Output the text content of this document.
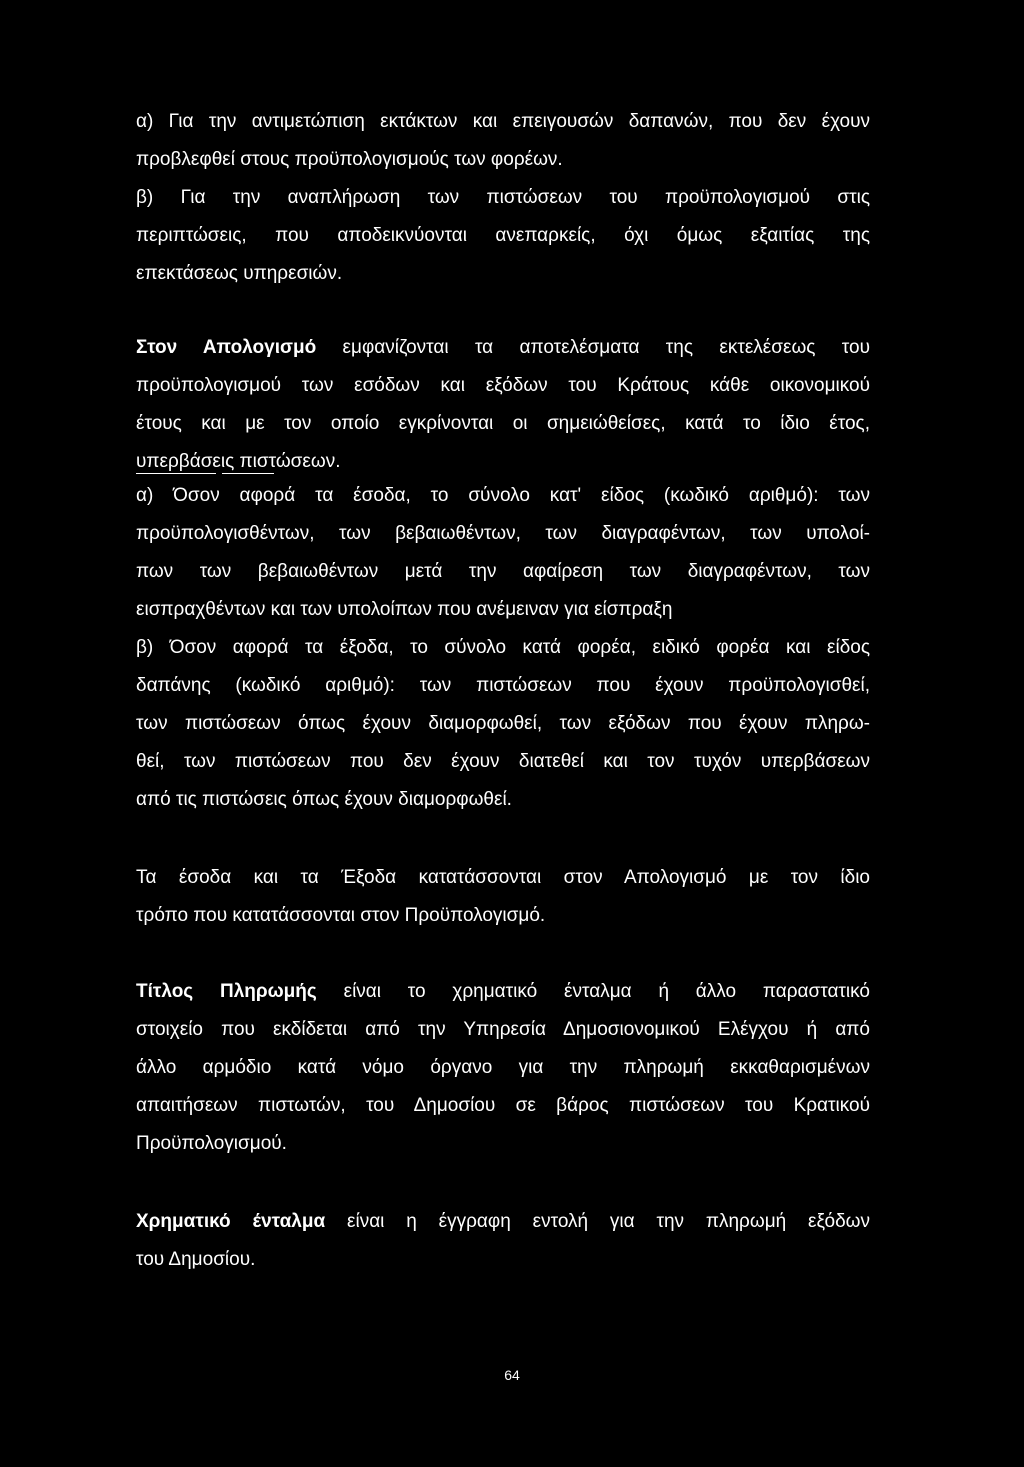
α) Για την αντιμετώπιση εκτάκτων και επειγουσών δαπανών, που δεν έχουν
προβλεφθεί στους προϋπολογισμούς των φορέων.
β) Για την αναπλήρωση των πιστώσεων του προϋπολογισμού στις
περιπτώσεις, που αποδεικνύονται ανεπαρκείς, όχι όμως εξαιτίας της
επεκτάσεως υπηρεσιών.
Στον Απολογισμό εμφανίζονται τα αποτελέσματα της εκτελέσεως του
προϋπολογισμού των εσόδων και εξόδων του Κράτους κάθε οικονομικού
έτους και με τον οποίο εγκρίνονται οι σημειώθείσες, κατά το ίδιο έτος,
υπερβάσεις πιστώσεων.
α) Όσον αφορά τα έσοδα, το σύνολο κατ' είδος (κωδικό αριθμό): των
προϋπολογισθέντων, των βεβαιωθέντων, των διαγραφέντων, των υπολοί-
πων των βεβαιωθέντων μετά την αφαίρεση των διαγραφέντων, των
εισπραχθέντων και των υπολοίπων που ανέμειναν για είσπραξη
β) Όσον αφορά τα έξοδα, το σύνολο κατά φορέα, ειδικό φορέα και είδος
δαπάνης (κωδικό αριθμό): των πιστώσεων που έχουν προϋπολογισθεί,
των πιστώσεων όπως έχουν διαμορφωθεί, των εξόδων που έχουν πληρω-
θεί, των πιστώσεων που δεν έχουν διατεθεί και τον τυχόν υπερβάσεων
από τις πιστώσεις όπως έχουν διαμορφωθεί.
Τα έσοδα και τα Έξοδα κατατάσσονται στον Απολογισμό με τον ίδιο
τρόπο που κατατάσσονται στον Προϋπολογισμό.
Τίτλος Πληρωμής είναι το χρηματικό ένταλμα ή άλλο παραστατικό
στοιχείο που εκδίδεται από την Υπηρεσία Δημοσιονομικού Ελέγχου ή από
άλλο αρμόδιο κατά νόμο όργανο για την πληρωμή εκκαθαρισμένων
απαιτήσεων πιστωτών, του Δημοσίου σε βάρος πιστώσεων του Κρατικού
Προϋπολογισμού.
Χρηματικό ένταλμα είναι η έγγραφη εντολή για την πληρωμή εξόδων
του Δημοσίου.
64
